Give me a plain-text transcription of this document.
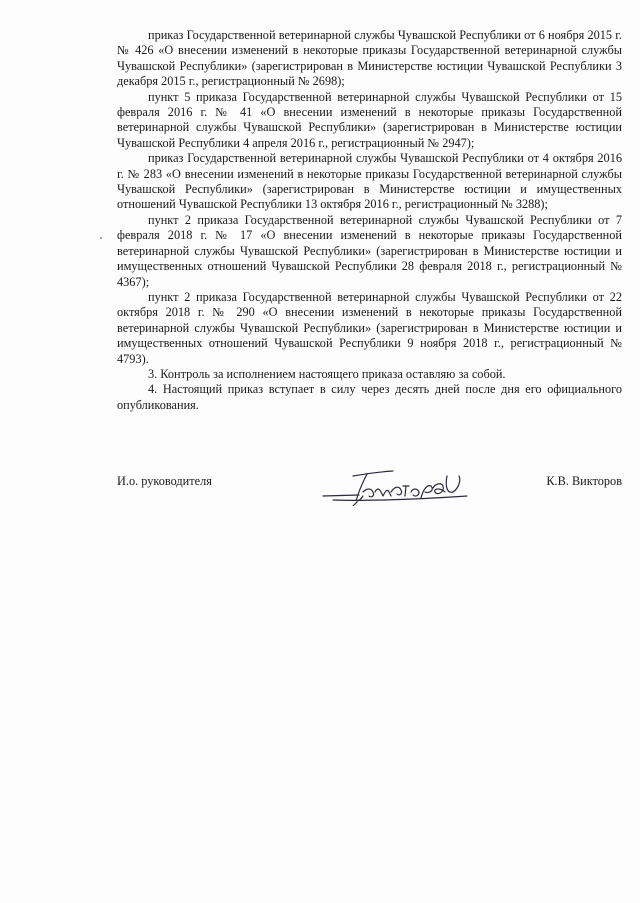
приказ Государственной ветеринарной службы Чувашской Республики от 6 ноября 2015 г. № 426 «О внесении изменений в некоторые приказы Государственной ветеринарной службы Чувашской Республики» (зарегистрирован в Министерстве юстиции Чувашской Республики 3 декабря 2015 г., регистрационный № 2698);

пункт 5 приказа Государственной ветеринарной службы Чувашской Республики от 15 февраля 2016 г. № 41 «О внесении изменений в некоторые приказы Государственной ветеринарной службы Чувашской Республики» (зарегистрирован в Министерстве юстиции Чувашской Республики 4 апреля 2016 г., регистрационный № 2947);

приказ Государственной ветеринарной службы Чувашской Республики от 4 октября 2016 г. № 283 «О внесении изменений в некоторые приказы Государственной ветеринарной службы Чувашской Республики» (зарегистрирован в Министерстве юстиции и имущественных отношений Чувашской Республики 13 октября 2016 г., регистрационный № 3288);

пункт 2 приказа Государственной ветеринарной службы Чувашской Республики от 7 февраля 2018 г. № 17 «О внесении изменений в некоторые приказы Государственной ветеринарной службы Чувашской Республики» (зарегистрирован в Министерстве юстиции и имущественных отношений Чувашской Республики 28 февраля 2018 г., регистрационный № 4367);

пункт 2 приказа Государственной ветеринарной службы Чувашской Республики от 22 октября 2018 г. № 290 «О внесении изменений в некоторые приказы Государственной ветеринарной службы Чувашской Республики» (зарегистрирован в Министерстве юстиции и имущественных отношений Чувашской Республики 9 ноября 2018 г., регистрационный № 4793).

3. Контроль за исполнением настоящего приказа оставляю за собой.

4. Настоящий приказ вступает в силу через десять дней после дня его официального опубликования.

И.о. руководителя	К.В. Викторов
